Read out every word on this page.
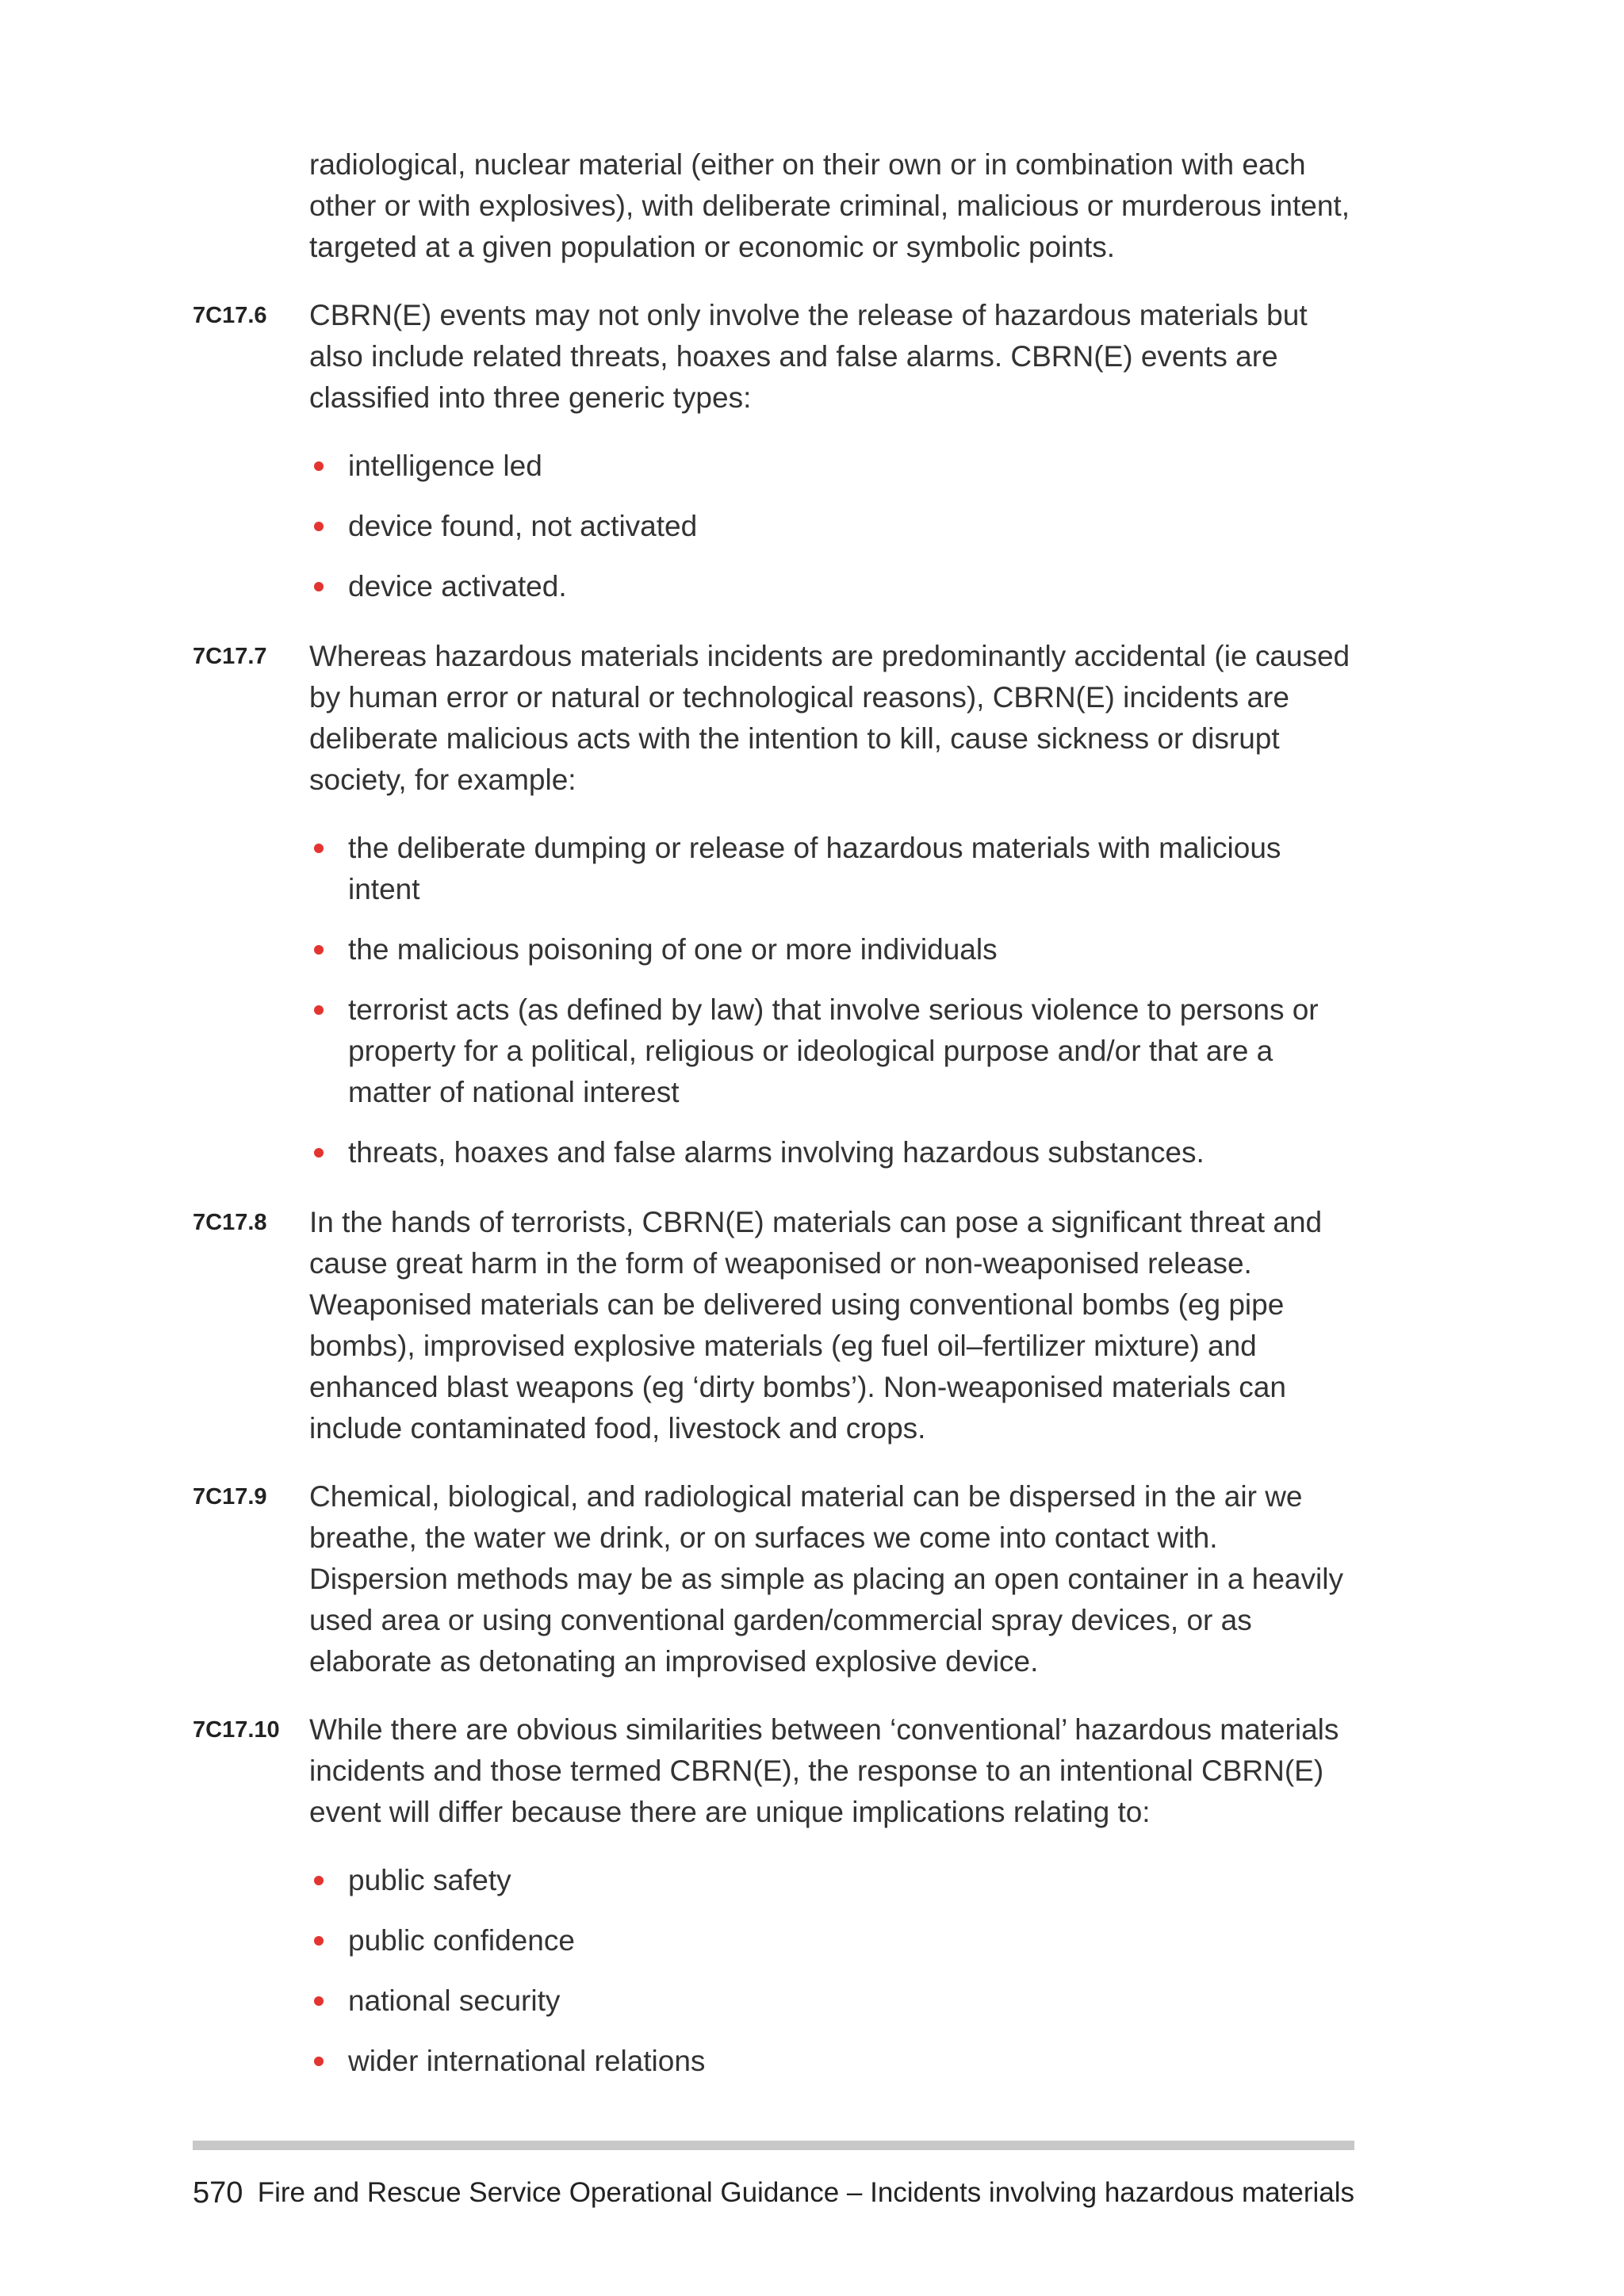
radiological, nuclear material (either on their own or in combination with each other or with explosives), with deliberate criminal, malicious or murderous intent, targeted at a given population or economic or symbolic points.

7C17.6 CBRN(E) events may not only involve the release of hazardous materials but also include related threats, hoaxes and false alarms. CBRN(E) events are classified into three generic types:

intelligence led
device found, not activated
device activated.

7C17.7 Whereas hazardous materials incidents are predominantly accidental (ie caused by human error or natural or technological reasons), CBRN(E) incidents are deliberate malicious acts with the intention to kill, cause sickness or disrupt society, for example:

the deliberate dumping or release of hazardous materials with malicious intent
the malicious poisoning of one or more individuals
terrorist acts (as defined by law) that involve serious violence to persons or property for a political, religious or ideological purpose and/or that are a matter of national interest
threats, hoaxes and false alarms involving hazardous substances.

7C17.8 In the hands of terrorists, CBRN(E) materials can pose a significant threat and cause great harm in the form of weaponised or non-weaponised release. Weaponised materials can be delivered using conventional bombs (eg pipe bombs), improvised explosive materials (eg fuel oil–fertilizer mixture) and enhanced blast weapons (eg ‘dirty bombs’). Non-weaponised materials can include contaminated food, livestock and crops.

7C17.9 Chemical, biological, and radiological material can be dispersed in the air we breathe, the water we drink, or on surfaces we come into contact with. Dispersion methods may be as simple as placing an open container in a heavily used area or using conventional garden/commercial spray devices, or as elaborate as detonating an improvised explosive device.

7C17.10 While there are obvious similarities between ‘conventional’ hazardous materials incidents and those termed CBRN(E), the response to an intentional CBRN(E) event will differ because there are unique implications relating to:

public safety
public confidence
national security
wider international relations
570 Fire and Rescue Service Operational Guidance – Incidents involving hazardous materials
